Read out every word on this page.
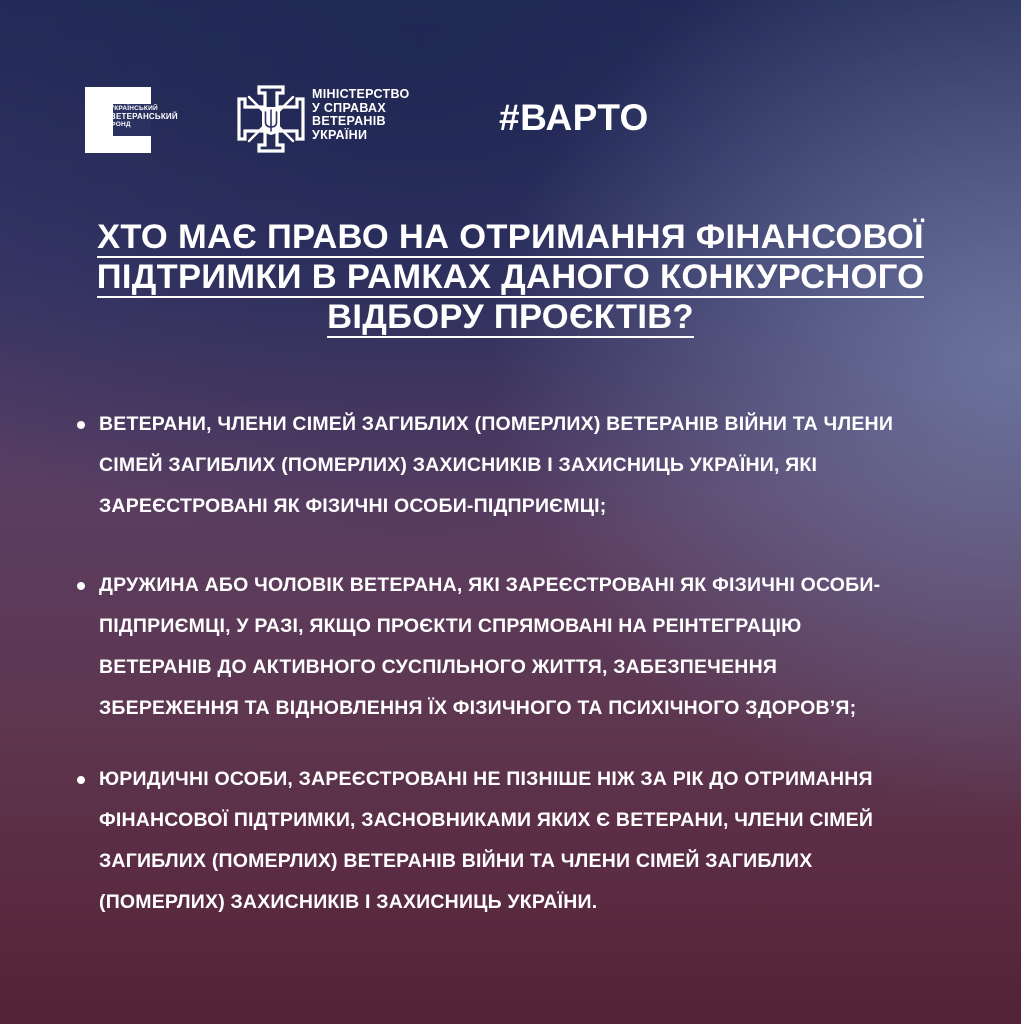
УКРАЇНСЬКИЙ
ВЕТЕРАНСЬКИЙ
ФОНД
МІНІСТЕРСТВО
У СПРАВАХ
ВЕТЕРАНІВ
УКРАЇНИ	#ВАРТО
ХТО МАЄ ПРАВО НА ОТРИМАННЯ ФІНАНСОВОЇ
ПІДТРИМКИ В РАМКАХ ДАНОГО КОНКУРСНОГО
ВІДБОРУ ПРОЄКТІВ?
ВЕТЕРАНИ, ЧЛЕНИ СІМЕЙ ЗАГИБЛИХ (ПОМЕРЛИХ) ВЕТЕРАНІВ ВІЙНИ ТА ЧЛЕНИ
СІМЕЙ ЗАГИБЛИХ (ПОМЕРЛИХ) ЗАХИСНИКІВ І ЗАХИСНИЦЬ УКРАЇНИ, ЯКІ
ЗАРЕЄСТРОВАНІ ЯК ФІЗИЧНІ ОСОБИ-ПІДПРИЄМЦІ;
ДРУЖИНА АБО ЧОЛОВІК ВЕТЕРАНА, ЯКІ ЗАРЕЄСТРОВАНІ ЯК ФІЗИЧНІ ОСОБИ-
ПІДПРИЄМЦІ, У РАЗІ, ЯКЩО ПРОЄКТИ СПРЯМОВАНІ НА РЕІНТЕГРАЦІЮ
ВЕТЕРАНІВ ДО АКТИВНОГО СУСПІЛЬНОГО ЖИТТЯ, ЗАБЕЗПЕЧЕННЯ
ЗБЕРЕЖЕННЯ ТА ВІДНОВЛЕННЯ ЇХ ФІЗИЧНОГО ТА ПСИХІЧНОГО ЗДОРОВ’Я;
ЮРИДИЧНІ ОСОБИ, ЗАРЕЄСТРОВАНІ НЕ ПІЗНІШЕ НІЖ ЗА РІК ДО ОТРИМАННЯ
ФІНАНСОВОЇ ПІДТРИМКИ, ЗАСНОВНИКАМИ ЯКИХ Є ВЕТЕРАНИ, ЧЛЕНИ СІМЕЙ
ЗАГИБЛИХ (ПОМЕРЛИХ) ВЕТЕРАНІВ ВІЙНИ ТА ЧЛЕНИ СІМЕЙ ЗАГИБЛИХ
(ПОМЕРЛИХ) ЗАХИСНИКІВ І ЗАХИСНИЦЬ УКРАЇНИ.
